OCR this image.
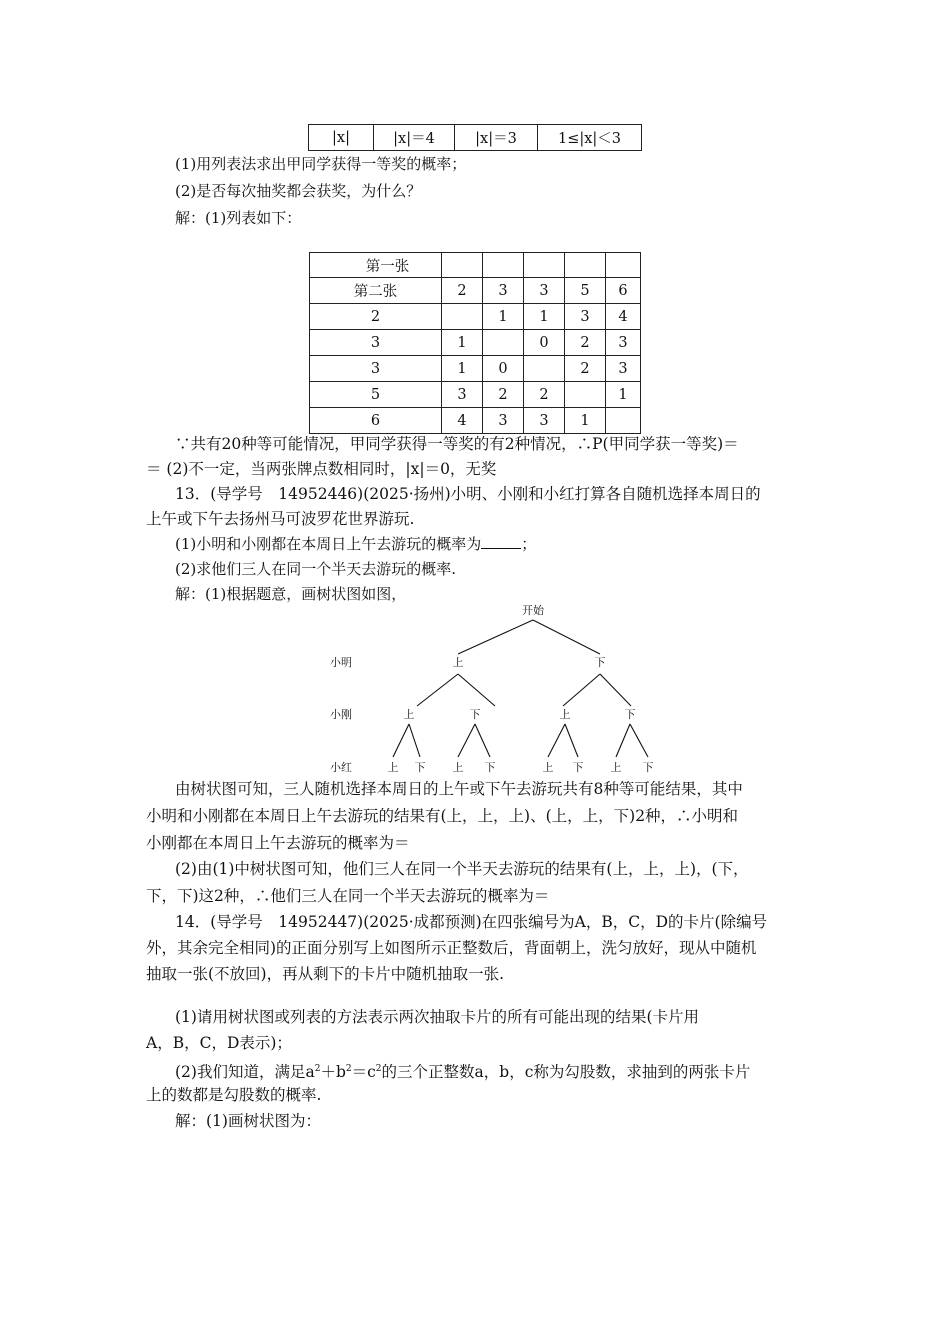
|x|	|x|＝4	|x|＝3	1≤|x|＜3
(1)用列表法求出甲同学获得一等奖的概率；
(2)是否每次抽奖都会获奖，为什么？
解：(1)列表如下：
第一张					
第二张	2	3	3	5	6
2		1	1	3	4
3	1		0	2	3
3	1	0		2	3
5	3	2	2		1
6	4	3	3	1	
∵共有20种等可能情况，甲同学获得一等奖的有2种情况，∴P(甲同学获一等奖)＝
＝ (2)不一定，当两张牌点数相同时，|x|＝0，无奖
13．(导学号　14952446)(2025·扬州)小明、小刚和小红打算各自随机选择本周日的
上午或下午去扬州马可波罗花世界游玩.
(1)小明和小刚都在本周日上午去游玩的概率为	；
(2)求他们三人在同一个半天去游玩的概率.
解：(1)根据题意，画树状图如图，
开始
小明
小刚
小红
上	下
上	下	上	下
上 下 上 下	上 下 上 下
由树状图可知，三人随机选择本周日的上午或下午去游玩共有8种等可能结果，其中
小明和小刚都在本周日上午去游玩的结果有(上，上，上)、(上，上，下)2种，∴小明和
小刚都在本周日上午去游玩的概率为＝
(2)由(1)中树状图可知，他们三人在同一个半天去游玩的结果有(上，上，上)，(下，
下，下)这2种，∴他们三人在同一个半天去游玩的概率为＝
14．(导学号　14952447)(2025·成都预测)在四张编号为A，B，C，D的卡片(除编号
外，其余完全相同)的正面分别写上如图所示正整数后，背面朝上，洗匀放好，现从中随机
抽取一张(不放回)，再从剩下的卡片中随机抽取一张.
(1)请用树状图或列表的方法表示两次抽取卡片的所有可能出现的结果(卡片用
A，B，C，D表示)；
(2)我们知道，满足$a^2+b^2=c^2$的三个正整数a，b，c称为勾股数，求抽到的两张卡片
上的数都是勾股数的概率.
解：(1)画树状图为：
